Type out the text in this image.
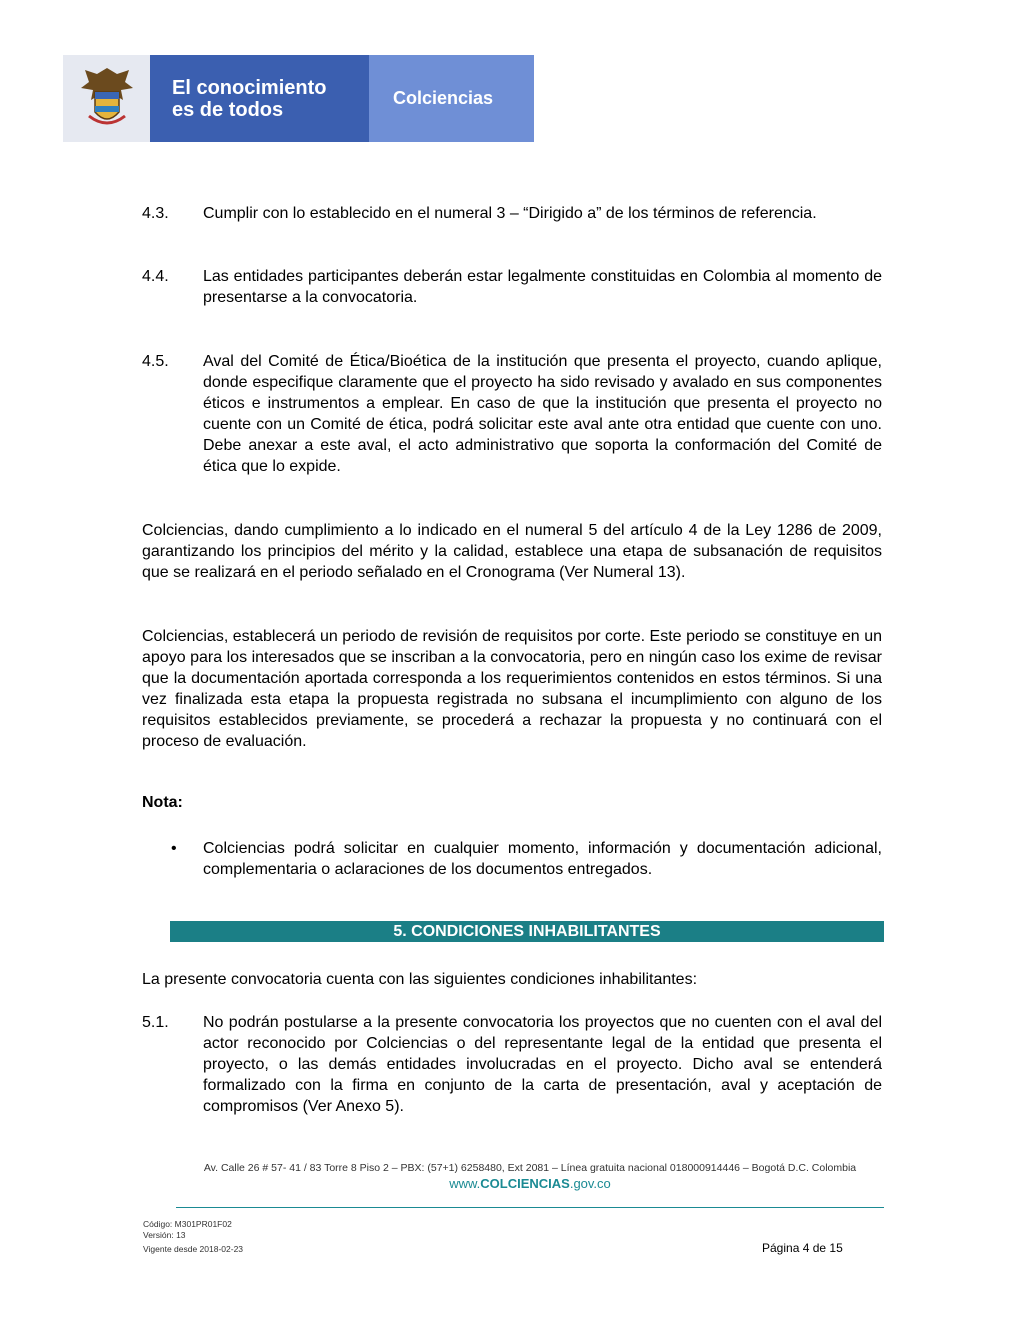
El conocimiento
es de todos
Colciencias
4.3. Cumplir con lo establecido en el numeral 3 – “Dirigido a” de los términos de referencia.
4.4. Las entidades participantes deberán estar legalmente constituidas en Colombia al momento de presentarse a la convocatoria.
4.5. Aval del Comité de Ética/Bioética de la institución que presenta el proyecto, cuando aplique, donde especifique claramente que el proyecto ha sido revisado y avalado en sus componentes éticos e instrumentos a emplear. En caso de que la institución que presenta el proyecto no cuente con un Comité de ética, podrá solicitar este aval ante otra entidad que cuente con uno. Debe anexar a este aval, el acto administrativo que soporta la conformación del Comité de ética que lo expide.
Colciencias, dando cumplimiento a lo indicado en el numeral 5 del artículo 4 de la Ley 1286 de 2009, garantizando los principios del mérito y la calidad, establece una etapa de subsanación de requisitos que se realizará en el periodo señalado en el Cronograma (Ver Numeral 13).
Colciencias, establecerá un periodo de revisión de requisitos por corte. Este periodo se constituye en un apoyo para los interesados que se inscriban a la convocatoria, pero en ningún caso los exime de revisar que la documentación aportada corresponda a los requerimientos contenidos en estos términos. Si una vez finalizada esta etapa la propuesta registrada no subsana el incumplimiento con alguno de los requisitos establecidos previamente, se procederá a rechazar la propuesta y no continuará con el proceso de evaluación.
Nota:
• Colciencias podrá solicitar en cualquier momento, información y documentación adicional, complementaria o aclaraciones de los documentos entregados.
5. CONDICIONES INHABILITANTES
La presente convocatoria cuenta con las siguientes condiciones inhabilitantes:
5.1. No podrán postularse a la presente convocatoria los proyectos que no cuenten con el aval del actor reconocido por Colciencias o del representante legal de la entidad que presenta el proyecto, o las demás entidades involucradas en el proyecto. Dicho aval se entenderá formalizado con la firma en conjunto de la carta de presentación, aval y aceptación de compromisos (Ver Anexo 5).
Av. Calle 26 # 57- 41 / 83 Torre 8 Piso 2 – PBX: (57+1) 6258480, Ext 2081 – Línea gratuita nacional 018000914446 – Bogotá D.C. Colombia
www.COLCIENCIAS.gov.co
Código: M301PR01F02
Versión: 13
Vigente desde 2018-02-23	Página 4 de 15
